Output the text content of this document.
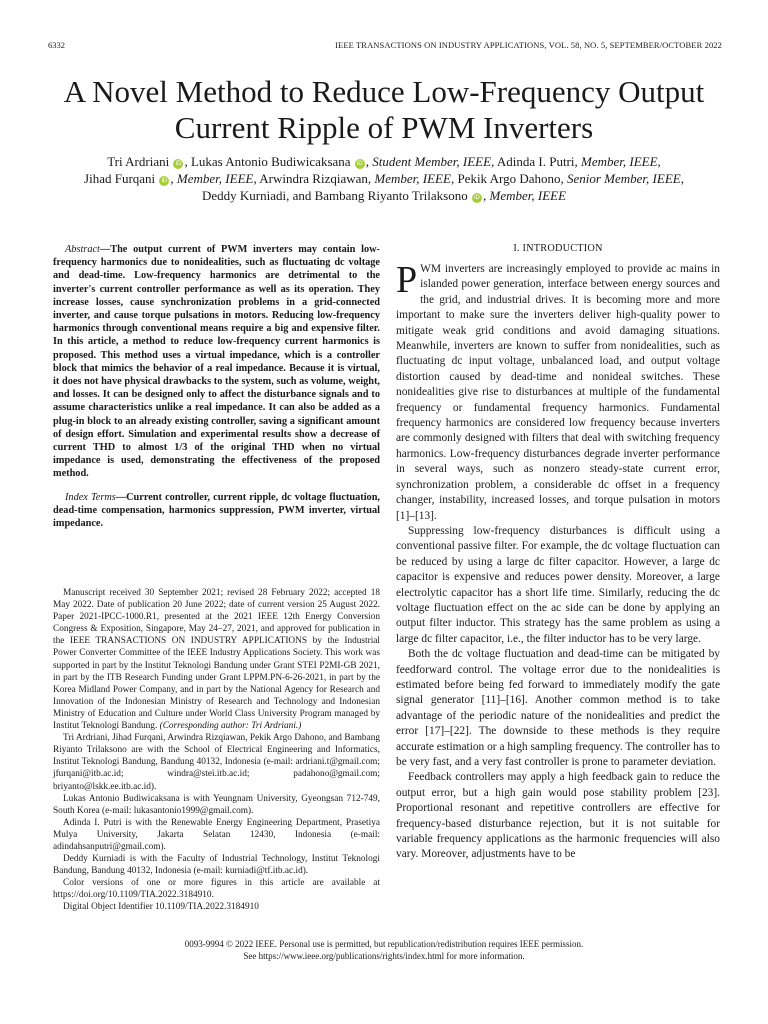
6332	IEEE TRANSACTIONS ON INDUSTRY APPLICATIONS, VOL. 58, NO. 5, SEPTEMBER/OCTOBER 2022
A Novel Method to Reduce Low-Frequency Output
Current Ripple of PWM Inverters
Tri Ardriani iD , Lukas Antonio Budiwicaksana iD , Student Member, IEEE, Adinda I. Putri, Member, IEEE,
Jihad Furqani iD , Member, IEEE, Arwindra Rizqiawan, Member, IEEE, Pekik Argo Dahono, Senior Member, IEEE,
Deddy Kurniadi, and Bambang Riyanto Trilaksono iD , Member, IEEE

Abstract—The output current of PWM inverters may contain low-frequency harmonics due to nonidealities, such as fluctuating dc voltage and dead-time. Low-frequency harmonics are detrimental to the inverter's current controller performance as well as its operation. They increase losses, cause synchronization problems in a grid-connected inverter, and cause torque pulsations in motors. Reducing low-frequency harmonics through conventional means require a big and expensive filter. In this article, a method to reduce low-frequency current harmonics is proposed. This method uses a virtual impedance, which is a controller block that mimics the behavior of a real impedance. Because it is virtual, it does not have physical drawbacks to the system, such as volume, weight, and losses. It can be designed only to affect the disturbance signals and to assume characteristics unlike a real impedance. It can also be added as a plug-in block to an already existing controller, saving a significant amount of design effort. Simulation and experimental results show a decrease of current THD to almost 1/3 of the original THD when no virtual impedance is used, demonstrating the effectiveness of the proposed method.

Index Terms—Current controller, current ripple, dc voltage fluctuation, dead-time compensation, harmonics suppression, PWM inverter, virtual impedance.

Manuscript received 30 September 2021; revised 28 February 2022; accepted 18 May 2022. Date of publication 20 June 2022; date of current version 25 August 2022. Paper 2021-IPCC-1000.R1, presented at the 2021 IEEE 12th Energy Conversion Congress & Exposition, Singapore, May 24–27, 2021, and approved for publication in the IEEE TRANSACTIONS ON INDUSTRY APPLICATIONS by the Industrial Power Converter Committee of the IEEE Industry Applications Society. This work was supported in part by the Institut Teknologi Bandung under Grant STEI P2MI-GB 2021, in part by the ITB Research Funding under Grant LPPM.PN-6-26-2021, in part by the Korea Midland Power Company, and in part by the National Agency for Research and Innovation of the Indonesian Ministry of Research and Technology and Indonesian Ministry of Education and Culture under World Class University Program managed by Institut Teknologi Bandung. (Corresponding author: Tri Ardriani.)

Tri Ardriani, Jihad Furqani, Arwindra Rizqiawan, Pekik Argo Dahono, and Bambang Riyanto Trilaksono are with the School of Electrical Engineering and Informatics, Institut Teknologi Bandung, Bandung 40132, Indonesia (e-mail: ardriani.t@gmail.com; jfurqani@itb.ac.id; windra@stei.itb.ac.id; padahono@gmail.com; briyanto@lskk.ee.itb.ac.id).

Lukas Antonio Budiwicaksana is with Yeungnam University, Gyeongsan 712-749, South Korea (e-mail: lukasantonio1999@gmail.com).

Adinda I. Putri is with the Renewable Energy Engineering Department, Prasetiya Mulya University, Jakarta Selatan 12430, Indonesia (e-mail: adindahsanputri@gmail.com).

Deddy Kurniadi is with the Faculty of Industrial Technology, Institut Teknologi Bandung, Bandung 40132, Indonesia (e-mail: kurniadi@tf.itb.ac.id).

Color versions of one or more figures in this article are available at https://doi.org/10.1109/TIA.2022.3184910.

Digital Object Identifier 10.1109/TIA.2022.3184910

I. INTRODUCTION

PWM inverters are increasingly employed to provide ac mains in islanded power generation, interface between energy sources and the grid, and industrial drives. It is becoming more and more important to make sure the inverters deliver high-quality power to mitigate weak grid conditions and avoid damaging situations. Meanwhile, inverters are known to suffer from nonidealities, such as fluctuating dc input voltage, unbalanced load, and output voltage distortion caused by dead-time and nonideal switches. These nonidealities give rise to disturbances at multiple of the fundamental frequency or fundamental frequency harmonics. Fundamental frequency harmonics are considered low frequency because inverters are commonly designed with filters that deal with switching frequency harmonics. Low-frequency disturbances degrade inverter performance in several ways, such as nonzero steady-state current error, synchronization problem, a considerable dc offset in a frequency changer, instability, increased losses, and torque pulsation in motors [1]–[13].

Suppressing low-frequency disturbances is difficult using a conventional passive filter. For example, the dc voltage fluctuation can be reduced by using a large dc filter capacitor. However, a large dc capacitor is expensive and reduces power density. Moreover, a large electrolytic capacitor has a short life time. Similarly, reducing the dc voltage fluctuation effect on the ac side can be done by applying an output filter inductor. This strategy has the same problem as using a large dc filter capacitor, i.e., the filter inductor has to be very large.

Both the dc voltage fluctuation and dead-time can be mitigated by feedforward control. The voltage error due to the nonidealities is estimated before being fed forward to immediately modify the gate signal generator [11]–[16]. Another common method is to take advantage of the periodic nature of the nonidealities and predict the error [17]–[22]. The downside to these methods is they require accurate estimation or a high sampling frequency. The controller has to be very fast, and a very fast controller is prone to parameter deviation.

Feedback controllers may apply a high feedback gain to reduce the output error, but a high gain would pose stability problem [23]. Proportional resonant and repetitive controllers are effective for frequency-based disturbance rejection, but it is not suitable for variable frequency applications as the harmonic frequencies will also vary. Moreover, adjustments have to be

0093-9994 © 2022 IEEE. Personal use is permitted, but republication/redistribution requires IEEE permission.
See https://www.ieee.org/publications/rights/index.html for more information.
